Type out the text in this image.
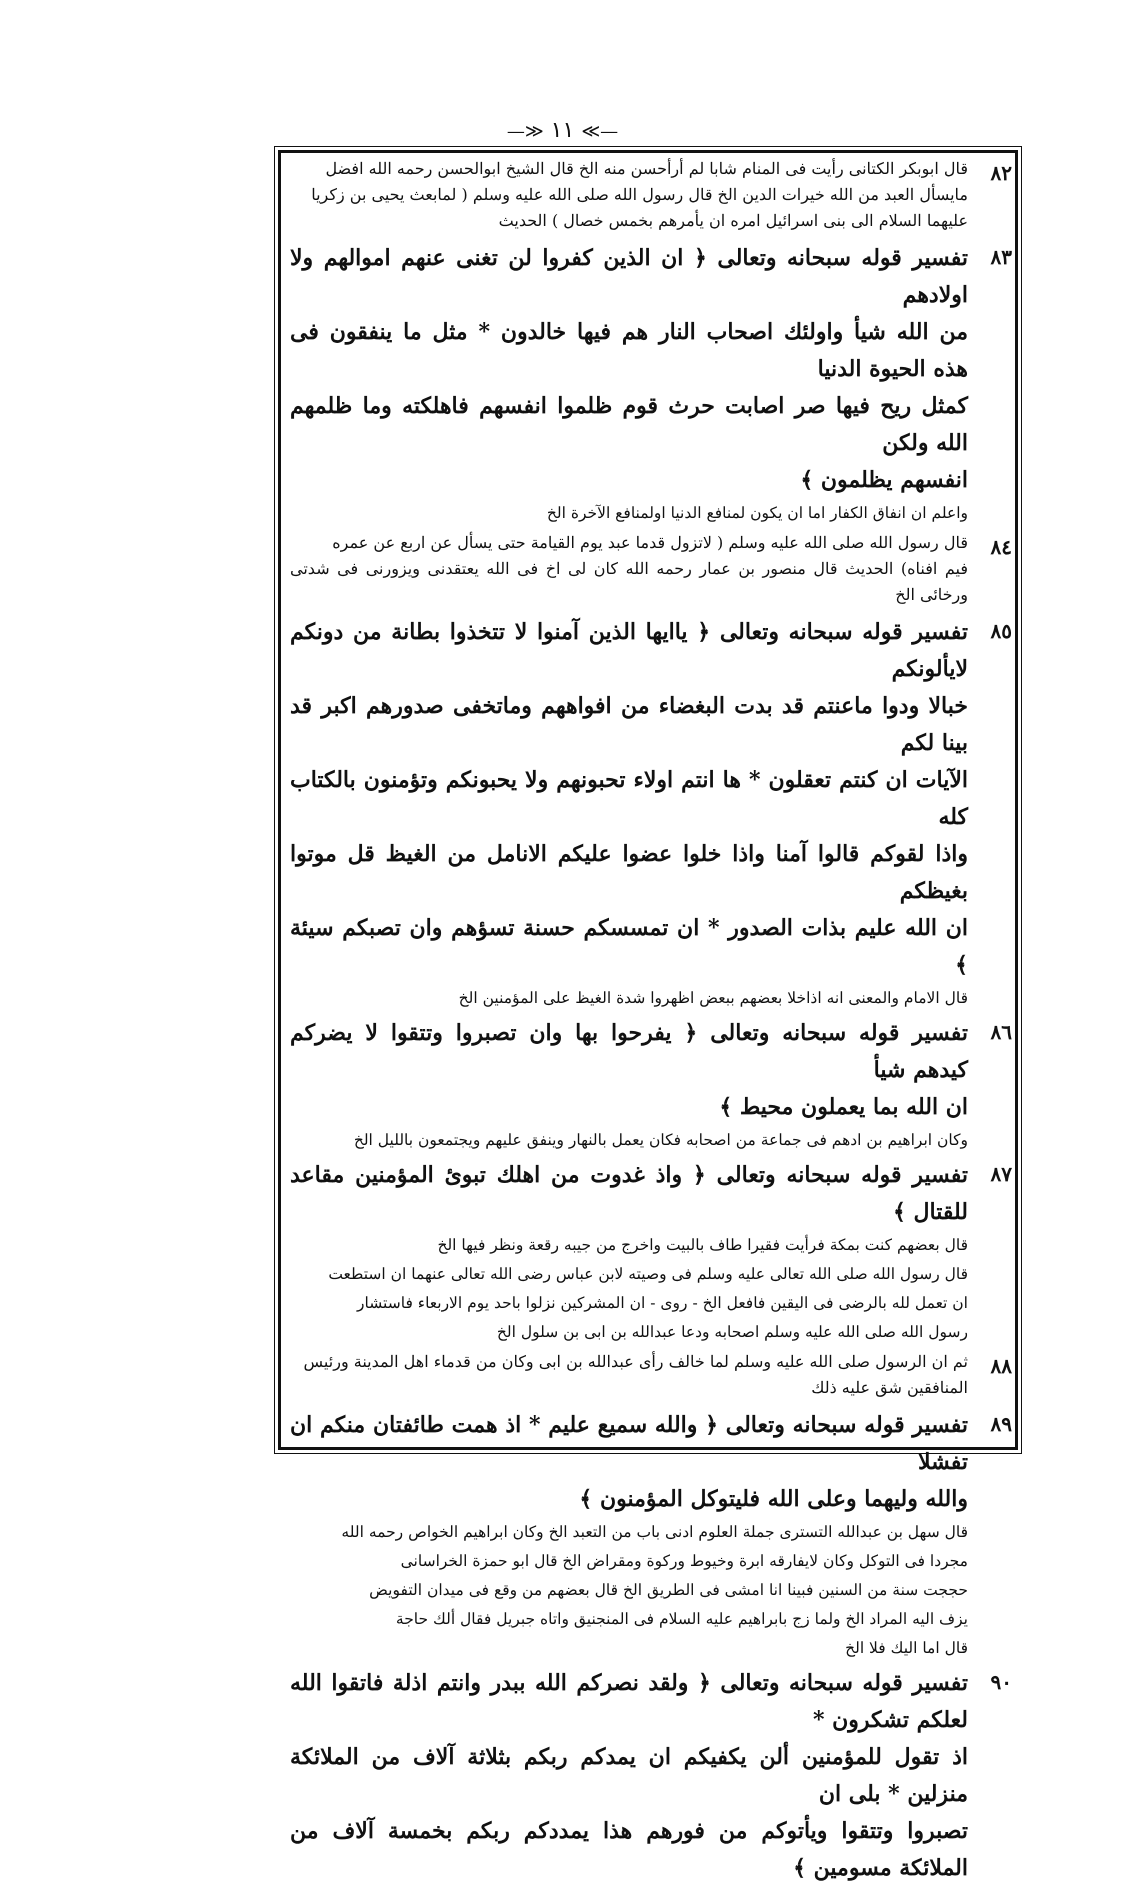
—≫ ١١ ≪—
٨٢

قال ابوبكر الكتانى رأيت فى المنام شابا لم أرأحسن منه الخ قال الشيخ ابوالحسن رحمه الله افضل

مايسأل العبد من الله خيرات الدين الخ قال رسول الله صلى الله عليه وسلم ( لمابعث يحيى بن زكريا

عليهما السلام الى بنى اسرائيل امره ان يأمرهم بخمس خصال ) الحديث

٨٣

تفسير قوله سبحانه وتعالى ﴿ ان الذين كفروا لن تغنى عنهم اموالهم ولا اولادهم

من الله شيأ واولئك اصحاب النار هم فيها خالدون * مثل ما ينفقون فى هذه الحيوة الدنيا

كمثل ريح فيها صر اصابت حرث قوم ظلموا انفسهم فاهلكته وما ظلمهم الله ولكن

انفسهم يظلمون ﴾

واعلم ان انفاق الكفار اما ان يكون لمنافع الدنيا اولمنافع الآخرة الخ

٨٤

قال رسول الله صلى الله عليه وسلم ( لاتزول قدما عبد يوم القيامة حتى يسأل عن اربع عن عمره

فيم افناه) الحديث قال منصور بن عمار رحمه الله كان لى اخ فى الله يعتقدنى ويزورنى فى شدتى ورخائى الخ

٨٥

تفسير قوله سبحانه وتعالى ﴿ ياايها الذين آمنوا لا تتخذوا بطانة من دونكم لايألونكم

خبالا ودوا ماعنتم قد بدت البغضاء من افواههم وماتخفى صدورهم اكبر قد بينا لكم

الآيات ان كنتم تعقلون * ها انتم اولاء تحبونهم ولا يحبونكم وتؤمنون بالكتاب كله

واذا لقوكم قالوا آمنا واذا خلوا عضوا عليكم الانامل من الغيظ قل موتوا بغيظكم

ان الله عليم بذات الصدور * ان تمسسكم حسنة تسؤهم وان تصبكم سيئة ﴾

قال الامام والمعنى انه اذاخلا بعضهم ببعض اظهروا شدة الغيظ على المؤمنين الخ

٨٦

تفسير قوله سبحانه وتعالى ﴿ يفرحوا بها وان تصبروا وتتقوا لا يضركم كيدهم شيأ

ان الله بما يعملون محيط ﴾

وكان ابراهيم بن ادهم فى جماعة من اصحابه فكان يعمل بالنهار وينفق عليهم ويجتمعون بالليل الخ

٨٧

تفسير قوله سبحانه وتعالى ﴿ واذ غدوت من اهلك تبوئ المؤمنين مقاعد للقتال ﴾

قال بعضهم كنت بمكة فرأيت فقيرا طاف بالبيت واخرج من جيبه رقعة ونظر فيها الخ

قال رسول الله صلى الله تعالى عليه وسلم فى وصيته لابن عباس رضى الله تعالى عنهما ان استطعت

ان تعمل لله بالرضى فى اليقين فافعل الخ - روى - ان المشركين نزلوا باحد يوم الاربعاء فاستشار

رسول الله صلى الله عليه وسلم اصحابه ودعا عبدالله بن ابى بن سلول الخ

٨٨

ثم ان الرسول صلى الله عليه وسلم لما خالف رأى عبدالله بن ابى وكان من قدماء اهل المدينة ورئيس

المنافقين شق عليه ذلك

٨٩

تفسير قوله سبحانه وتعالى ﴿ والله سميع عليم * اذ همت طائفتان منكم ان تفشلا

والله وليهما وعلى الله فليتوكل المؤمنون ﴾

قال سهل بن عبدالله التسترى جملة العلوم ادنى باب من التعبد الخ وكان ابراهيم الخواص رحمه الله

مجردا فى التوكل وكان لايفارقه ابرة وخيوط وركوة ومقراض الخ قال ابو حمزة الخراسانى

حججت سنة من السنين فبينا انا امشى فى الطريق الخ قال بعضهم من وقع فى ميدان التفويض

يزف اليه المراد الخ ولما زج بابراهيم عليه السلام فى المنجنيق واتاه جبريل فقال ألك حاجة

قال اما اليك فلا الخ

٩٠

تفسير قوله سبحانه وتعالى ﴿ ولقد نصركم الله ببدر وانتم اذلة فاتقوا الله لعلكم تشكرون *

اذ تقول للمؤمنين ألن يكفيكم ان يمدكم ربكم بثلاثة آلاف من الملائكة منزلين * بلى ان

تصبروا وتتقوا ويأتوكم من فورهم هذا يمددكم ربكم بخمسة آلاف من الملائكة مسومين ﴾
